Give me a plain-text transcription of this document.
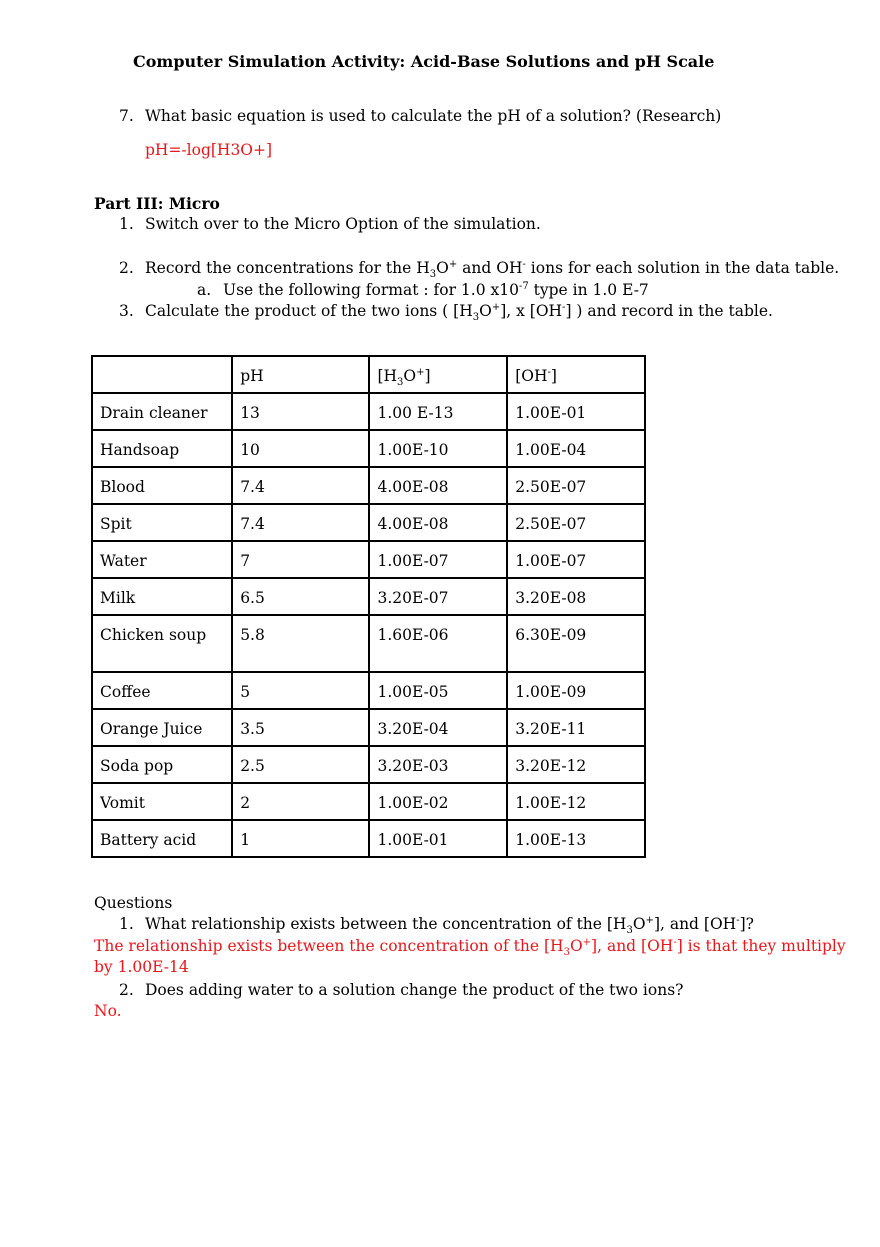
Computer Simulation Activity: Acid-Base Solutions and pH Scale
7. What basic equation is used to calculate the pH of a solution? (Research)
pH=-log[H3O+]
Part III: Micro
1. Switch over to the Micro Option of the simulation.
2. Record the concentrations for the $H_3O^+$ and OH- ions for each solution in the data table.
a. Use the following format : for 1.0 $x10^{-7}$ type in 1.0 E-7
3. Calculate the product of the two ions ( $[H_3O^+]$, x [OH-] ) and record in the table.
	pH	$[H_3O^+]$	[OH-]
Drain cleaner	13	1.00 E-13	1.00E-01
Handsoap	10	1.00E-10	1.00E-04
Blood	7.4	4.00E-08	2.50E-07
Spit	7.4	4.00E-08	2.50E-07
Water	7	1.00E-07	1.00E-07
Milk	6.5	3.20E-07	3.20E-08
Chicken soup	5.8	1.60E-06	6.30E-09
Coffee	5	1.00E-05	1.00E-09
Orange Juice	3.5	3.20E-04	3.20E-11
Soda pop	2.5	3.20E-03	3.20E-12
Vomit	2	1.00E-02	1.00E-12
Battery acid	1	1.00E-01	1.00E-13
Questions
1. What relationship exists between the concentration of the $[H_3O^+]$, and [OH-]?
The relationship exists between the concentration of the $[H_3O^+]$, and [OH-] is that they multiply
by 1.00E-14
2. Does adding water to a solution change the product of the two ions?
No.
